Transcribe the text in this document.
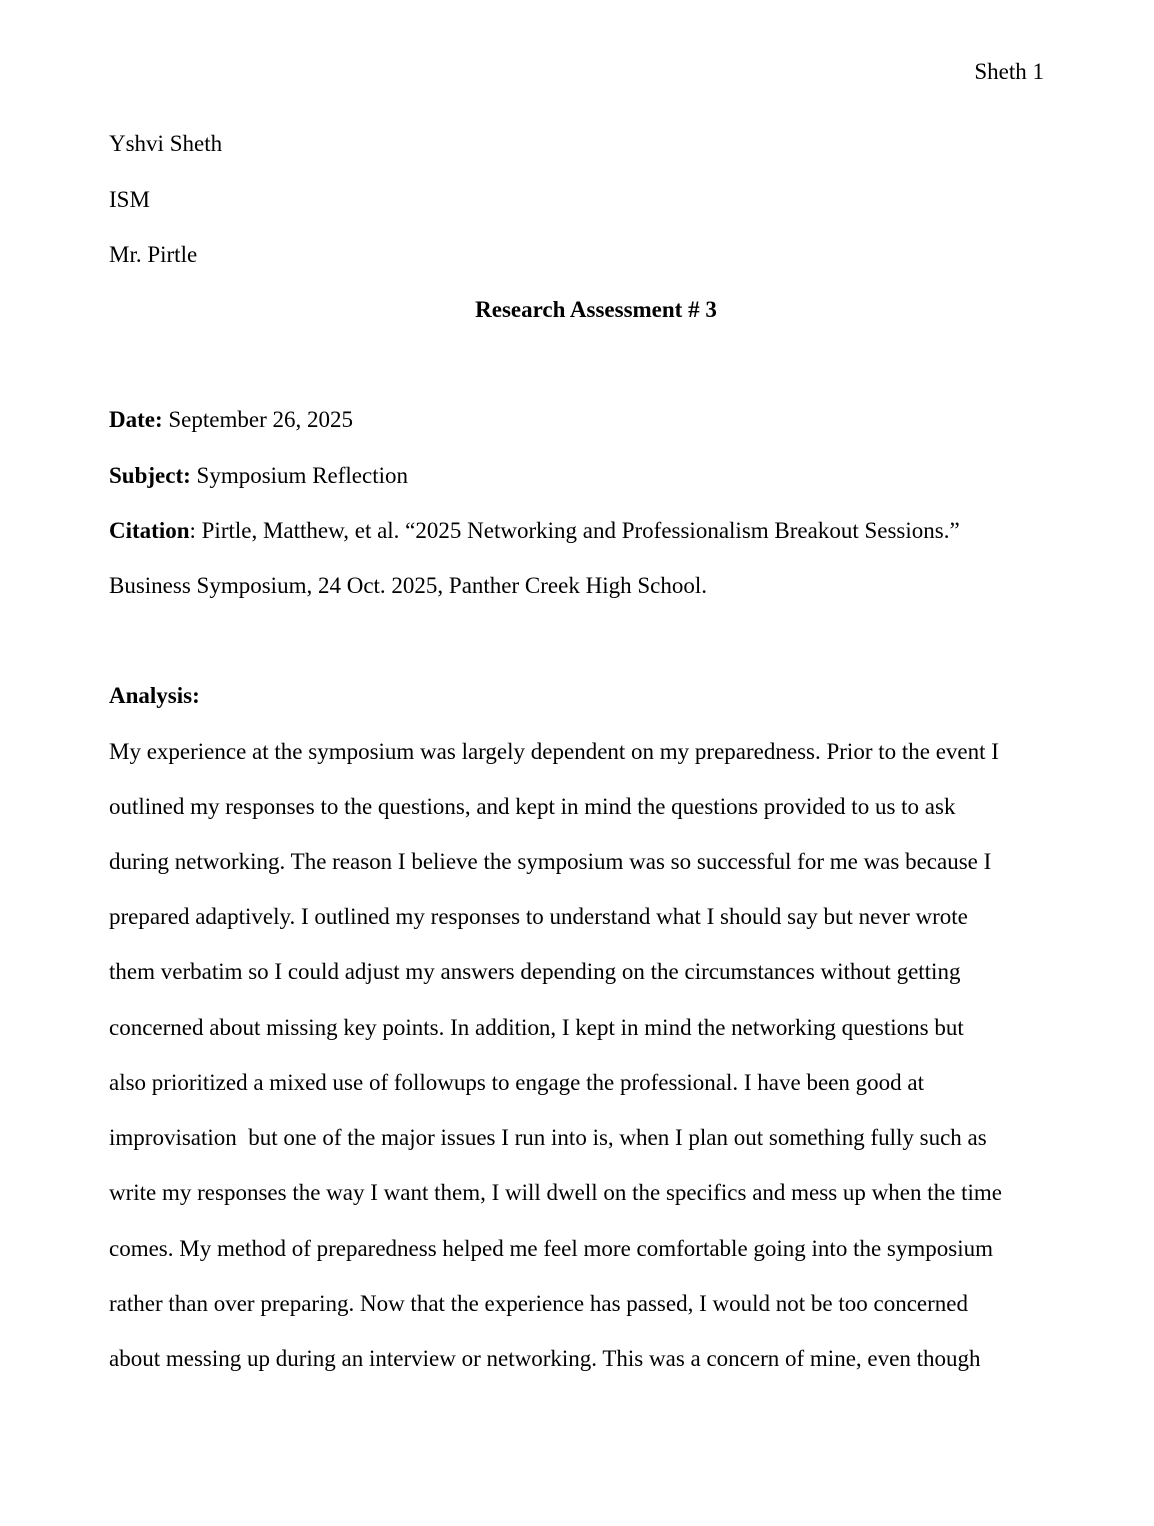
Sheth 1
Yshvi Sheth
ISM
Mr. Pirtle
Research Assessment # 3
Date: September 26, 2025
Subject: Symposium Reflection
Citation: Pirtle, Matthew, et al. “2025 Networking and Professionalism Breakout Sessions.”
Business Symposium, 24 Oct. 2025, Panther Creek High School.
Analysis:
My experience at the symposium was largely dependent on my preparedness. Prior to the event I
outlined my responses to the questions, and kept in mind the questions provided to us to ask
during networking. The reason I believe the symposium was so successful for me was because I
prepared adaptively. I outlined my responses to understand what I should say but never wrote
them verbatim so I could adjust my answers depending on the circumstances without getting
concerned about missing key points. In addition, I kept in mind the networking questions but
also prioritized a mixed use of followups to engage the professional. I have been good at
improvisation  but one of the major issues I run into is, when I plan out something fully such as
write my responses the way I want them, I will dwell on the specifics and mess up when the time
comes. My method of preparedness helped me feel more comfortable going into the symposium
rather than over preparing. Now that the experience has passed, I would not be too concerned
about messing up during an interview or networking. This was a concern of mine, even though
